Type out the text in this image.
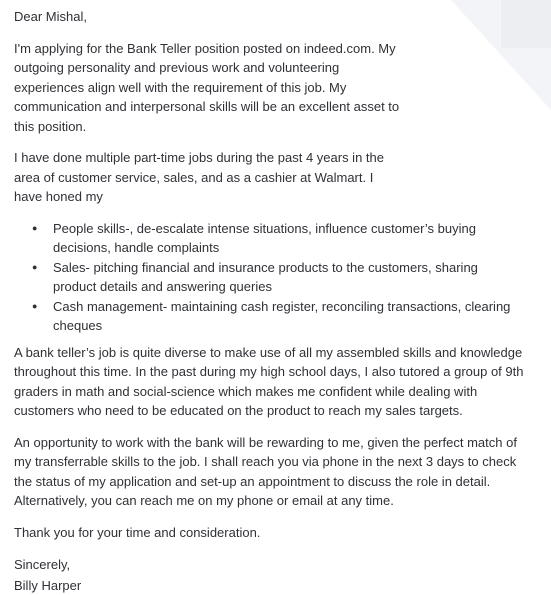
Dear Mishal,

I'm applying for the Bank Teller position posted on indeed.com. My outgoing personality and previous work and volunteering experiences align well with the requirement of this job. My communication and interpersonal skills will be an excellent asset to this position.

I have done multiple part-time jobs during the past 4 years in the area of customer service, sales, and as a cashier at Walmart. I have honed my

● People skills-, de-escalate intense situations, influence customer’s buying decisions, handle complaints
● Sales- pitching financial and insurance products to the customers, sharing product details and answering queries
● Cash management- maintaining cash register, reconciling transactions, clearing cheques

A bank teller’s job is quite diverse to make use of all my assembled skills and knowledge throughout this time. In the past during my high school days, I also tutored a group of 9th graders in math and social-science which makes me confident while dealing with customers who need to be educated on the product to reach my sales targets.

An opportunity to work with the bank will be rewarding to me, given the perfect match of my transferrable skills to the job. I shall reach you via phone in the next 3 days to check the status of my application and set-up an appointment to discuss the role in detail. Alternatively, you can reach me on my phone or email at any time.

Thank you for your time and consideration.

Sincerely,

Billy Harper
